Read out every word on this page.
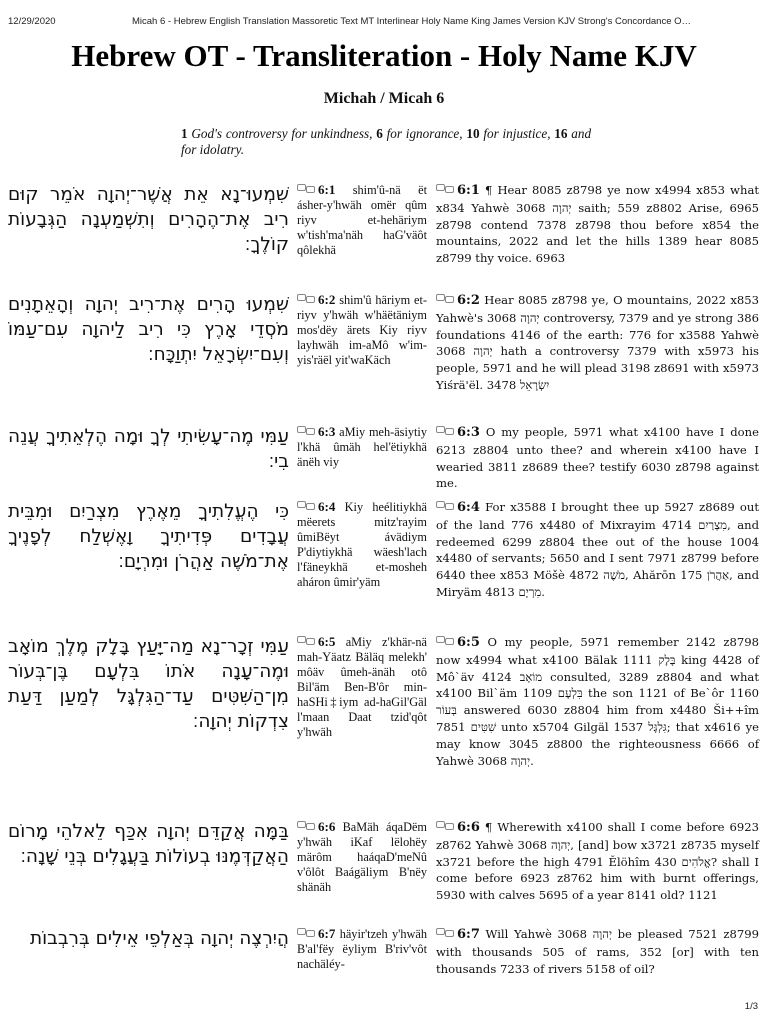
12/29/2020	Micah 6 - Hebrew English Translation Massoretic Text MT Interlinear Holy Name King James Version KJV Strong's Concordance O…
Hebrew OT - Transliteration - Holy Name KJV
Michah / Micah 6

1 God's controversy for unkindness, 6 for ignorance, 10 for injustice, 16 and for idolatry.

שִׁמְעוּ־נָא אֵת אֲשֶׁר־יְהוָה אֹמֵר קוּם רִיב אֶת־הֶהָרִים וְתִשְׁמַעְנָה הַגְּבָעוֹת קוֹלֶךָ׃

6:1 shim'û-nä ët ásher-y'hwäh omër qûm riyv et-hehäriym w'tish'ma'näh haG'väôt qôlekhä

6:1 ¶ Hear 8085 z8798 ye now x4994 x853 what x834 Yahwè 3068 יְהוָה saith; 559 z8802 Arise, 6965 z8798 contend 7378 z8798 thou before x854 the mountains, 2022 and let the hills 1389 hear 8085 z8799 thy voice. 6963

שִׁמְעוּ הָרִים אֶת־רִיב יְהוָה וְהָאֵתָנִים מֹסְדֵי אָרֶץ כִּי רִיב לַיהוָה עִם־עַמּוֹ וְעִם־יִשְׂרָאֵל יִתְוַכָּח׃

6:2 shim'û häriym et-riyv y'hwäh w'häëtäniym mos'dëy ärets Kiy riyv layhwäh im-aMô w'im-yis'räël yit'waKäch

6:2 Hear 8085 z8798 ye, O mountains, 2022 x853 Yahwè's 3068 יְהוָה controversy, 7379 and ye strong 386 foundations 4146 of the earth: 776 for x3588 Yahwè 3068 יְהוָה hath a controversy 7379 with x5973 his people, 5971 and he will plead 3198 z8691 with x5973 Yiśrä'ël. יִשְׂרָאֵל 3478

עַמִּי מֶה־עָשִׂיתִי לְךָ וּמָה הֶלְאֵתִיךָ עֲנֵה בִי׃

6:3 aMiy meh-äsiytiy l'khä ûmäh hel'ëtiykhä änëh viy

6:3 O my people, 5971 what x4100 have I done 6213 z8804 unto thee? and wherein x4100 have I wearied 3811 z8689 thee? testify 6030 z8798 against me.

כִּי הֶעֱלִתִיךָ מֵאֶרֶץ מִצְרַיִם וּמִבֵּית עֲבָדִים פְּדִיתִיךָ וָאֶשְׁלַח לְפָנֶיךָ אֶת־מֹשֶׁה אַהֲרֹן וּמִרְיָם׃

6:4 Kiy heélitiykhä mëerets mitz'rayim ûmiBëyt ávädiym P'diytiykhä wäesh'lach l'fäneykhä et-mosheh aháron ûmir'yäm

6:4 For x3588 I brought thee up 5927 z8689 out of the land 776 x4480 of Mixrayim 4714 מִצְרַיִם, and redeemed 6299 z8804 thee out of the house 1004 x4480 of servants; 5650 and I sent 7971 z8799 before 6440 thee x853 Möšè 4872 מֹשֶׁה, Ahărōn 175 אַהֲרֹן, and Miryäm 4813 מִרְיָם.

עַמִּי זְכָר־נָא מַה־יָּעַץ בָּלָק מֶלֶךְ מוֹאָב וּמֶה־עָנָה אֹתוֹ בִּלְעָם בֶּן־בְּעוֹר מִן־הַשִּׁטִּים עַד־הַגִּלְגָּל לְמַעַן דַּעַת צִדְקוֹת יְהוָה׃

6:5 aMiy z'khär-nä mah-Yäatz Bäläq melekh' môäv ûmeh-änäh otô Bil'äm Ben-B'ôr min-haSHi‡iym ad-haGil'Gäl l'maan Daat tzid'qôt y'hwäh

6:5 O my people, 5971 remember 2142 z8798 now x4994 what x4100 Bälak 1111 בָּלָק king 4428 of Mô`äv 4124 מוֹאָב consulted, 3289 z8804 and what x4100 Bil`äm 1109 בִּלְעָם the son 1121 of Be`ôr 1160 בְּעוֹר answered 6030 z8804 him from x4480 Ši++îm 7851 שִׁטִּים unto x5704 Gilgäl 1537 גִּלְגָּל; that x4616 ye may know 3045 z8800 the righteousness 6666 of Yahwè 3068 יְהוָה.

בַּמָּה אֲקַדֵּם יְהוָה אִכַּף לֵאלֹהֵי מָרוֹם הַאֲקַדְּמֶנּוּ בְעוֹלוֹת בַּעֲגָלִים בְּנֵי שָׁנָה׃

6:6 BaMäh áqaDëm y'hwäh iKaf lëlohëy märôm haáqaD'meNû v'ôlôt Baágäliym B'nëy shänäh

6:6 ¶ Wherewith x4100 shall I come before 6923 z8762 Yahwè 3068 יְהוָה, [and] bow x3721 z8735 myself x3721 before the high 4791 Ĕlöhîm 430 אֱלֹהִים? shall I come before 6923 z8762 him with burnt offerings, 5930 with calves 5695 of a year 8141 old? 1121

הֲיִרְצֶה יְהוָה בְּאַלְפֵי אֵילִים בְּרִבְבוֹת	6:7 häyir'tzeh y'hwäh B'al'fëy ëyliym B'riv'vôt nachäléy-

6:7 Will Yahwè 3068 יְהוָה be pleased 7521 z8799 with thousands 505 of rams, 352 [or] with ten thousands 7233 of rivers 5158 of oil?

1/3
